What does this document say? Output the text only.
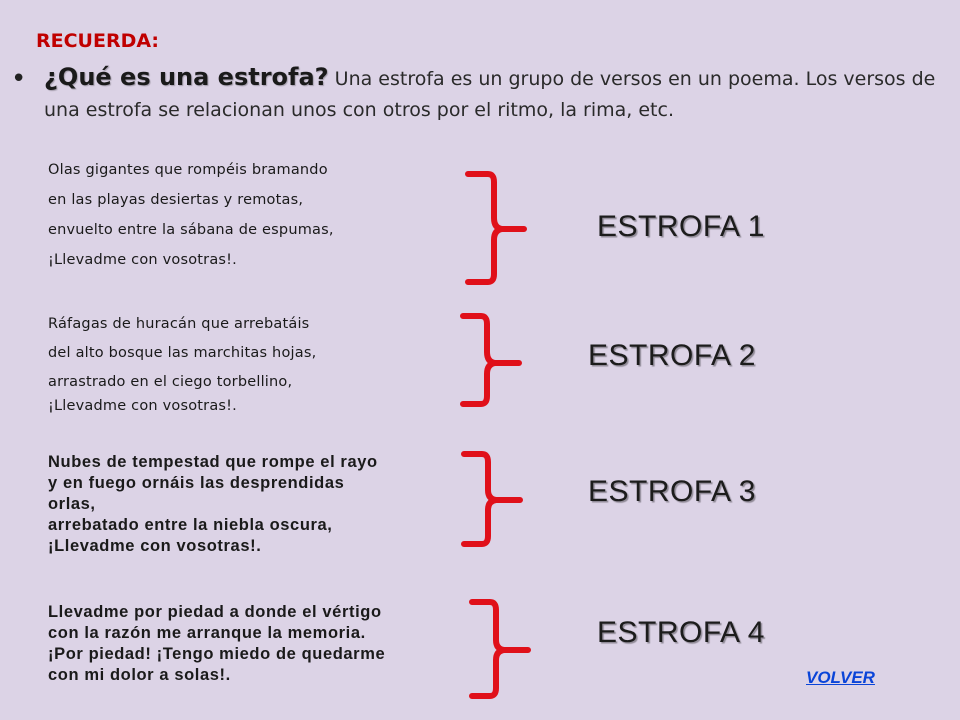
RECUERDA:
• ¿Qué es una estrofa? Una estrofa es un grupo de versos en un poema. Los versos de una estrofa se relacionan unos con otros por el ritmo, la rima, etc.
Olas gigantes que rompéis bramando
en las playas desiertas y remotas,
envuelto entre la sábana de espumas,
¡Llevadme con vosotras!.
ESTROFA 1
Ráfagas de huracán que arrebatáis
del alto bosque las marchitas hojas,
arrastrado en el ciego torbellino,
¡Llevadme con vosotras!.
ESTROFA 2
Nubes de tempestad que rompe el rayo
y en fuego ornáis las desprendidas
orlas,
arrebatado entre la niebla oscura,
¡Llevadme con vosotras!.
ESTROFA 3
Llevadme por piedad a donde el vértigo
con la razón me arranque la memoria.
¡Por piedad! ¡Tengo miedo de quedarme
con mi dolor a solas!.
ESTROFA 4
VOLVER
